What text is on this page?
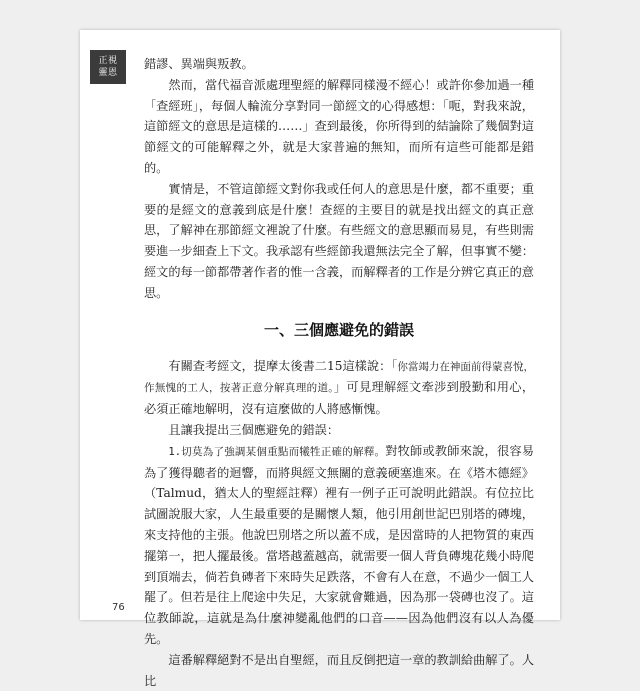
正視
靈恩

錯謬、異端與叛教。

然而，當代福音派處理聖經的解釋同樣漫不經心！或許你參加過一種「查經班」，每個人輪流分享對同一節經文的心得感想：「呃，對我來說，這節經文的意思是這樣的……」查到最後，你所得到的結論除了幾個對這節經文的可能解釋之外，就是大家普遍的無知，而所有這些可能都是錯的。

實情是，不管這節經文對你我或任何人的意思是什麼，都不重要；重要的是經文的意義到底是什麼！查經的主要目的就是找出經文的真正意思，了解神在那節經文裡說了什麼。有些經文的意思顯而易見，有些則需要進一步細查上下文。我承認有些經節我還無法完全了解，但事實不變：經文的每一節都帶著作者的惟一含義，而解釋者的工作是分辨它真正的意思。

一、三個應避免的錯誤

有關查考經文，提摩太後書二15這樣說：「你當竭力在神面前得蒙喜悅，作無愧的工人，按著正意分解真理的道。」可見理解經文牽涉到殷勤和用心，必須正確地解明，沒有這麼做的人將感慚愧。

且讓我提出三個應避免的錯誤：

1.切莫為了強調某個重點而犧牲正確的解釋。對牧師或教師來說，很容易為了獲得聽者的迴響，而將與經文無關的意義硬塞進來。在《塔木德經》（Talmud，猶太人的聖經註釋）裡有一例子正可說明此錯誤。有位拉比試圖說服大家，人生最重要的是關懷人類，他引用創世記巴別塔的磚塊，來支持他的主張。他說巴別塔之所以蓋不成，是因當時的人把物質的東西擺第一，把人擺最後。當塔越蓋越高，就需要一個人背負磚塊花幾小時爬到頂端去，倘若負磚者下來時失足跌落，不會有人在意，不過少一個工人罷了。但若是往上爬途中失足，大家就會難過，因為那一袋磚也沒了。這位教師說，這就是為什麼神變亂他們的口音——因為他們沒有以人為優先。

這番解釋絕對不是出自聖經，而且反倒把這一章的教訓給曲解了。人比

76
